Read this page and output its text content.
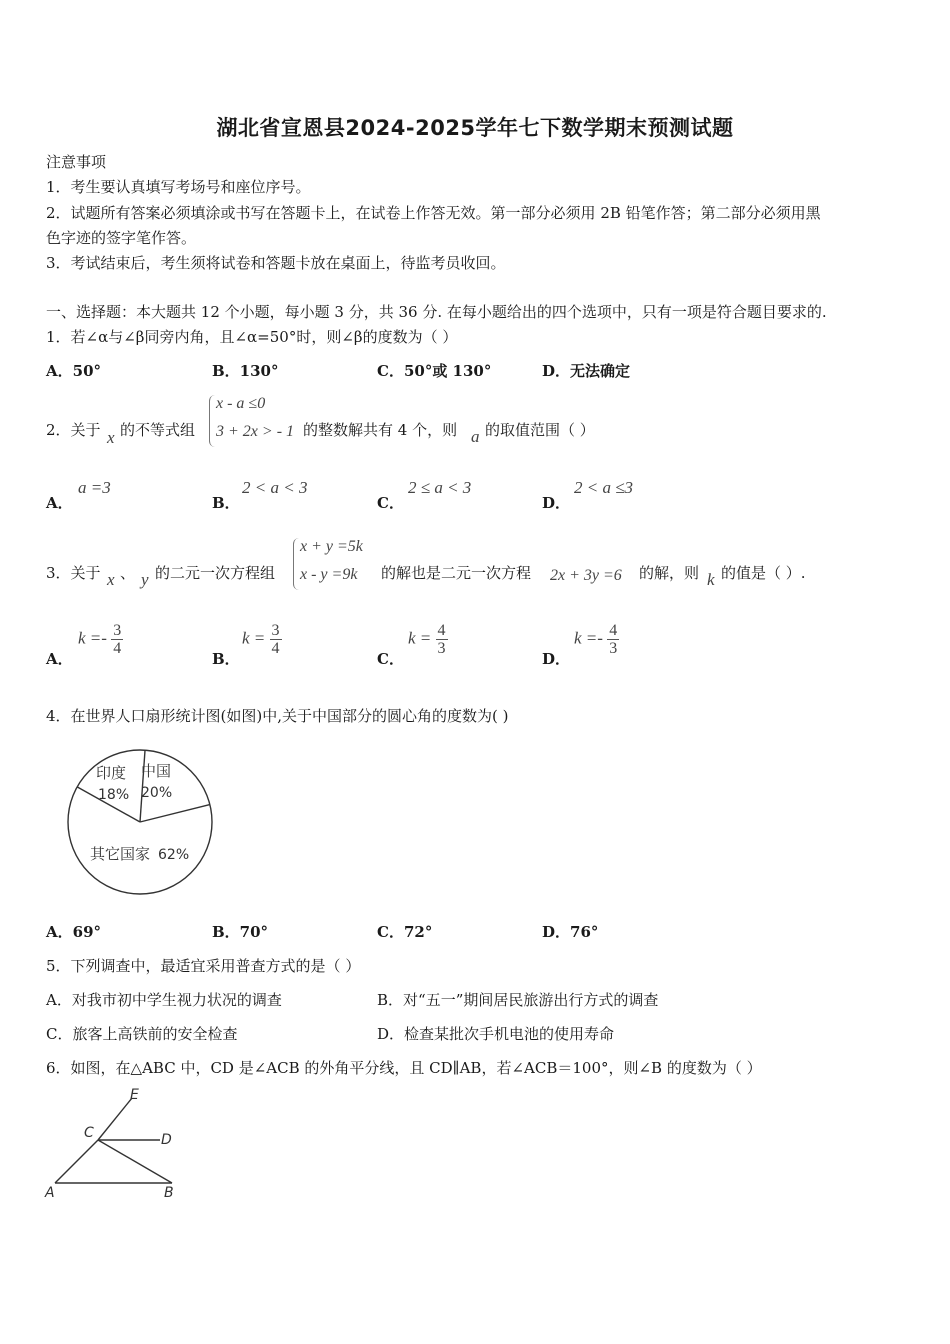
湖北省宣恩县2024-2025学年七下数学期末预测试题
注意事项
1．考生要认真填写考场号和座位序号。
2．试题所有答案必须填涂或书写在答题卡上，在试卷上作答无效。第一部分必须用 2B 铅笔作答；第二部分必须用黑
色字迹的签字笔作答。
3．考试结束后，考生须将试卷和答题卡放在桌面上，待监考员收回。
一、选择题：本大题共 12 个小题，每小题 3 分，共 36 分. 在每小题给出的四个选项中，只有一项是符合题目要求的.
1．若∠α与∠β同旁内角，且∠α=50°时，则∠β的度数为（ ）
A．50°	B．130°	C．50°或 130°	D．无法确定
2．关于 x 的不等式组
x - a ≤0
3 + 2x > - 1 的整数解共有 4 个，则 a 的取值范围（ ）
A．
a =3
B．
2 < a < 3
C．
2 ≤ a < 3
D．
2 < a ≤3
3．关于 x 、 y 的二元一次方程组
x + y =5k
x - y =9k 的解也是二元一次方程 2x + 3y =6 的解，则 k 的值是（ ）.
A．
$k =- \frac{3}{4}$
B．
$k = \frac{3}{4}$
C．
$k = \frac{4}{3}$
D．
$k =- \frac{4}{3}$
4．在世界人口扇形统计图(如图)中,关于中国部分的圆心角的度数为( )
印度
18%
中国
20%
其它国家 62%
A．69°	B．70°	C．72°	D．76°
5．下列调查中，最适宜采用普查方式的是（ ）
A．对我市初中学生视力状况的调查	B．对“五一”期间居民旅游出行方式的调查
C．旅客上高铁前的安全检查	D．检查某批次手机电池的使用寿命
6．如图，在△ABC 中，CD 是∠ACB 的外角平分线，且 CD∥AB，若∠ACB＝100°，则∠B 的度数为（ ）
E
C	D
A	B
